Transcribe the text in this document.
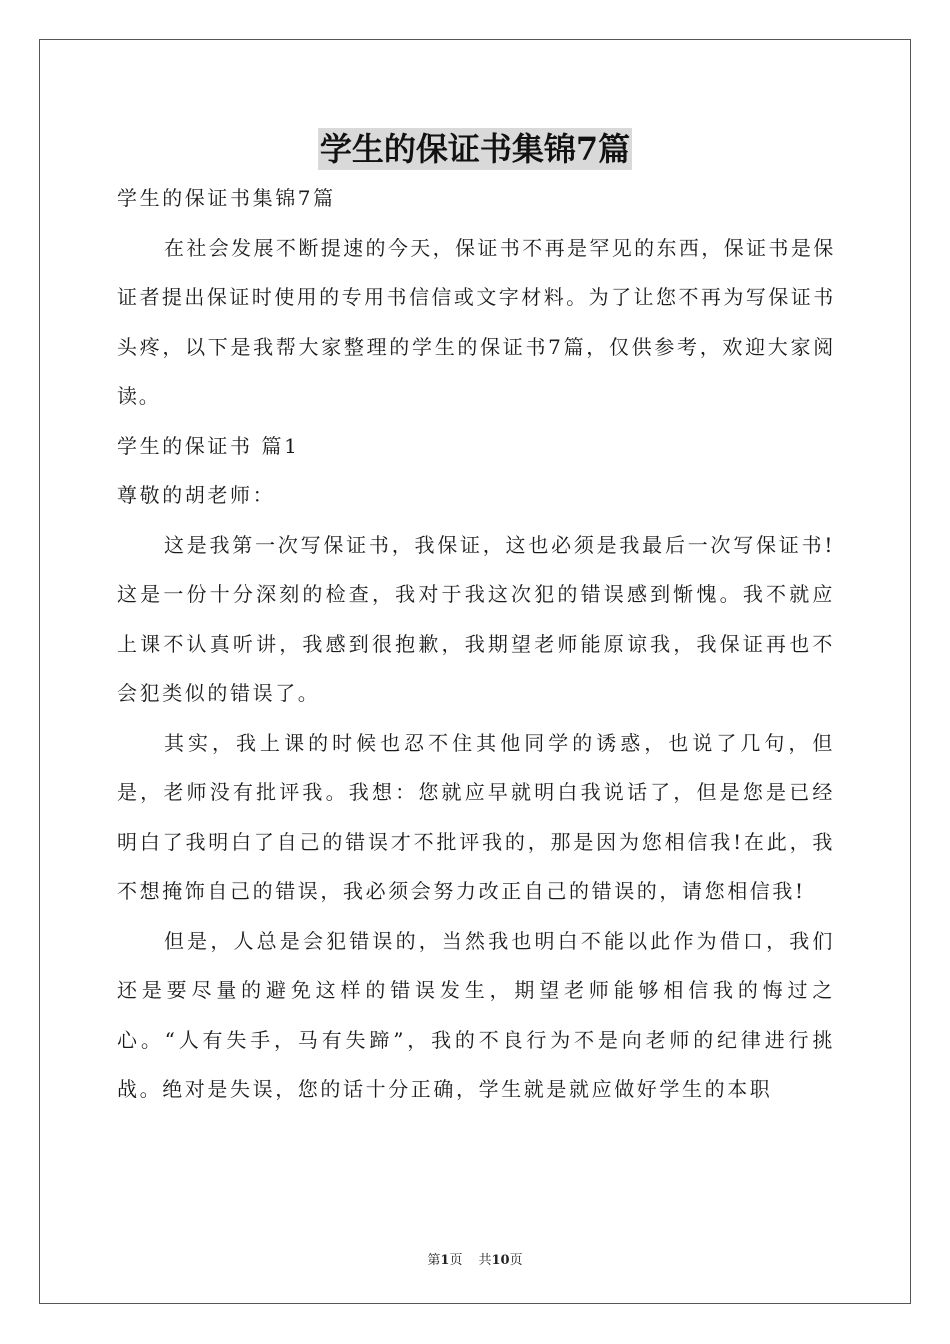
学生的保证书集锦7篇

学生的保证书集锦7篇

在社会发展不断提速的今天，保证书不再是罕见的东西，保证书是保证者提出保证时使用的专用书信信或文字材料。为了让您不再为写保证书头疼，以下是我帮大家整理的学生的保证书7篇，仅供参考，欢迎大家阅读。

学生的保证书 篇1

尊敬的胡老师：

这是我第一次写保证书，我保证，这也必须是我最后一次写保证书!这是一份十分深刻的检查，我对于我这次犯的错误感到惭愧。我不就应上课不认真听讲，我感到很抱歉，我期望老师能原谅我，我保证再也不会犯类似的错误了。

其实，我上课的时候也忍不住其他同学的诱惑，也说了几句，但是，老师没有批评我。我想：您就应早就明白我说话了，但是您是已经明白了我明白了自己的错误才不批评我的，那是因为您相信我!在此，我不想掩饰自己的错误，我必须会努力改正自己的错误的，请您相信我!

但是，人总是会犯错误的，当然我也明白不能以此作为借口，我们还是要尽量的避免这样的错误发生，期望老师能够相信我的悔过之心。“人有失手，马有失蹄”，我的不良行为不是向老师的纪律进行挑战。绝对是失误，您的话十分正确，学生就是就应做好学生的本职

第1页 共10页
